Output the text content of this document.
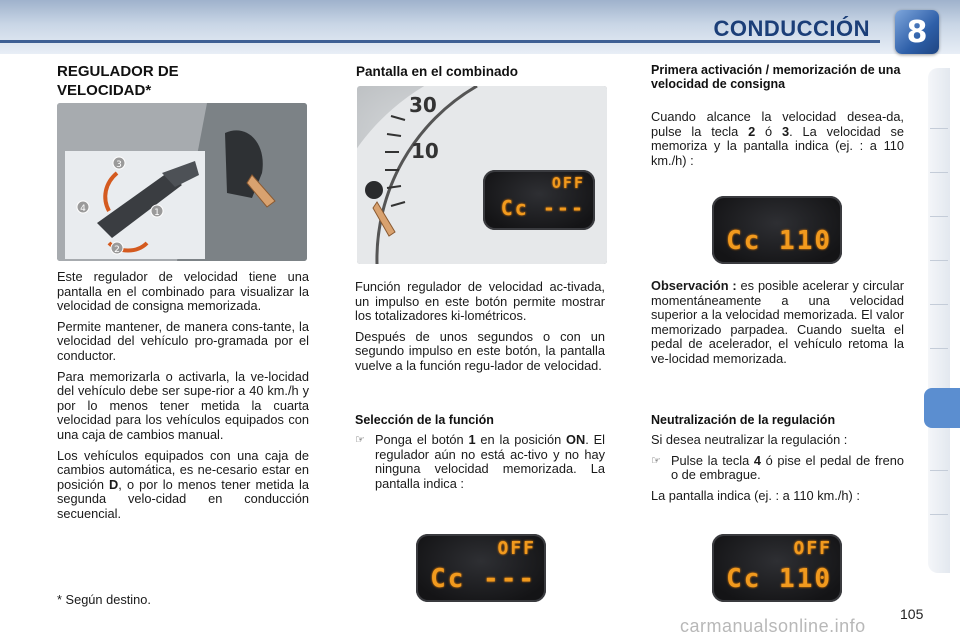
CONDUCCIÓN	8
REGULADOR DE VELOCIDAD*
3
1
4
2

Este regulador de velocidad tiene una pantalla en el combinado para visualizar la velocidad de consigna memorizada.

Permite mantener, de manera cons-tante, la velocidad del vehículo pro-gramada por el conductor.

Para memorizarla o activarla, la ve-locidad del vehículo debe ser supe-rior a 40 km./h y por lo menos tener metida la cuarta velocidad para los vehículos equipados con una caja de cambios manual.

Los vehículos equipados con una caja de cambios automática, es ne-cesario estar en posición D, o por lo menos tener metida la segunda velo-cidad en conducción secuencial.

* Según destino.
Pantalla en el combinado
30
10
OFF
Cc ---

Función regulador de velocidad ac-tivada, un impulso en este botón permite mostrar los totalizadores ki-lométricos.

Después de unos segundos o con un segundo impulso en este botón, la pantalla vuelve a la función regu-lador de velocidad.

Selección de la función
☞ Ponga el botón 1 en la posición ON. El regulador aún no está ac-tivo y no hay ninguna velocidad memorizada. La pantalla indica :
OFF
Cc ---
Primera activación / memorización de una velocidad de consigna

Cuando alcance la velocidad desea-da, pulse la tecla 2 ó 3. La velocidad se memoriza y la pantalla indica (ej. : a 110 km./h) :

Cc 110

Observación : es posible acelerar y circular momentáneamente a una velocidad superior a la velocidad memorizada. El valor memorizado parpadea. Cuando suelta el pedal de acelerador, el vehículo retoma la ve-locidad memorizada.

Neutralización de la regulación

Si desea neutralizar la regulación :

☞ Pulse la tecla 4 ó pise el pedal de freno o de embrague.

La pantalla indica (ej. : a 110 km./h) :

OFF
Cc 110
105
carmanualsonline.info
